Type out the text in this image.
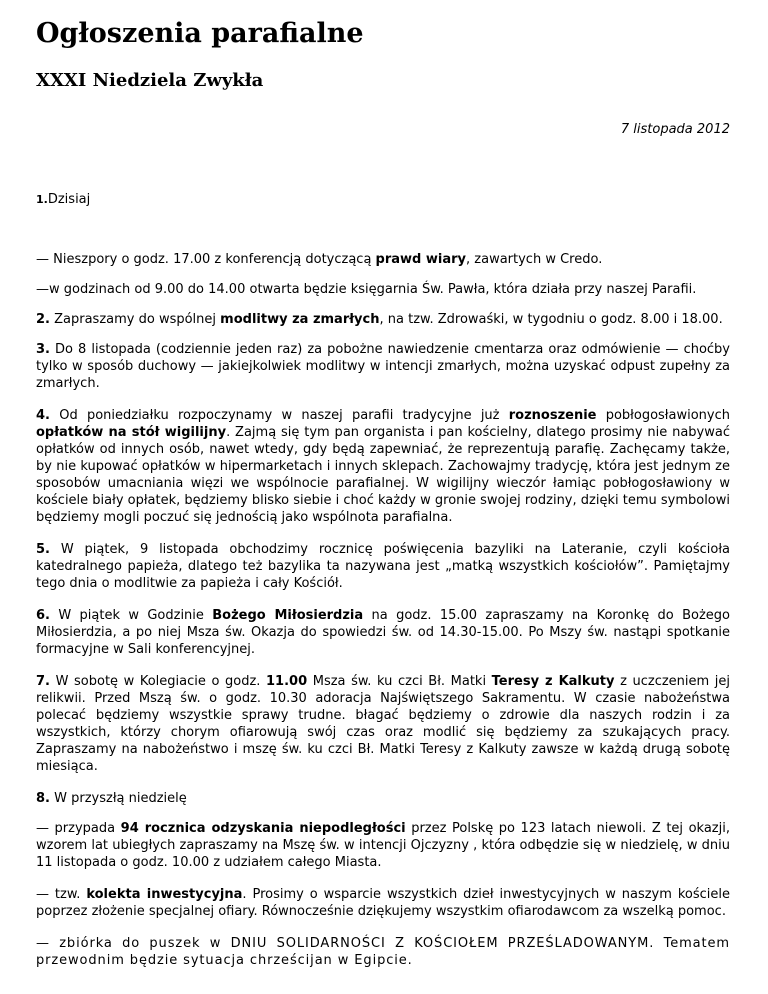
Ogłoszenia parafialne
XXXI Niedziela Zwykła
7 listopada 2012
1.Dzisiaj

— Nieszpory o godz. 17.00 z konferencją dotyczącą prawd wiary, zawartych w Credo.

—w godzinach od 9.00 do 14.00 otwarta będzie księgarnia Św. Pawła, która działa przy naszej Parafii.

2. Zapraszamy do wspólnej modlitwy za zmarłych, na tzw. Zdrowaśki, w tygodniu o godz. 8.00 i 18.00.

3. Do 8 listopada (codziennie jeden raz) za pobożne nawiedzenie cmentarza oraz odmówienie — choćby tylko w sposób duchowy — jakiejkolwiek modlitwy w intencji zmarłych, można uzyskać odpust zupełny za zmarłych.

4. Od poniedziałku rozpoczynamy w naszej parafii tradycyjne już roznoszenie pobłogosławionych opłatków na stół wigilijny. Zajmą się tym pan organista i pan kościelny, dlatego prosimy nie nabywać opłatków od innych osób, nawet wtedy, gdy będą zapewniać, że reprezentują parafię. Zachęcamy także, by nie kupować opłatków w hipermarketach i innych sklepach. Zachowajmy tradycję, która jest jednym ze sposobów umacniania więzi we wspólnocie parafialnej. W wigilijny wieczór łamiąc pobłogosławiony w kościele biały opłatek, będziemy blisko siebie i choć każdy w gronie swojej rodziny, dzięki temu symbolowi będziemy mogli poczuć się jednością jako wspólnota parafialna.

5. W piątek, 9 listopada obchodzimy rocznicę poświęcenia bazyliki na Lateranie, czyli kościoła katedralnego papieża, dlatego też bazylika ta nazywana jest „matką wszystkich kościołów”. Pamiętajmy tego dnia o modlitwie za papieża i cały Kościół.

6. W piątek w Godzinie Bożego Miłosierdzia na godz. 15.00 zapraszamy na Koronkę do Bożego Miłosierdzia, a po niej Msza św. Okazja do spowiedzi św. od 14.30-15.00. Po Mszy św. nastąpi spotkanie formacyjne w Sali konferencyjnej.

7. W sobotę w Kolegiacie o godz. 11.00 Msza św. ku czci Bł. Matki Teresy z Kalkuty z uczczeniem jej relikwii. Przed Mszą św. o godz. 10.30 adoracja Najświętszego Sakramentu. W czasie nabożeństwa polecać będziemy wszystkie sprawy trudne. błagać będziemy o zdrowie dla naszych rodzin i za wszystkich, którzy chorym ofiarowują swój czas oraz modlić się będziemy za szukających pracy. Zapraszamy na nabożeństwo i mszę św. ku czci Bł. Matki Teresy z Kalkuty zawsze w każdą drugą sobotę miesiąca.

8. W przyszłą niedzielę

— przypada 94 rocznica odzyskania niepodległości przez Polskę po 123 latach niewoli. Z tej okazji, wzorem lat ubiegłych zapraszamy na Mszę św. w intencji Ojczyzny , która odbędzie się w niedzielę, w dniu 11 listopada o godz. 10.00 z udziałem całego Miasta.

— tzw. kolekta inwestycyjna. Prosimy o wsparcie wszystkich dzieł inwestycyjnych w naszym kościele poprzez złożenie specjalnej ofiary. Równocześnie dziękujemy wszystkim ofiarodawcom za wszelką pomoc.

— zbiórka do puszek w DNIU SOLIDARNOŚCI Z KOŚCIOŁEM PRZEŚLADOWANYM. Tematem przewodnim będzie sytuacja chrześcijan w Egipcie.
